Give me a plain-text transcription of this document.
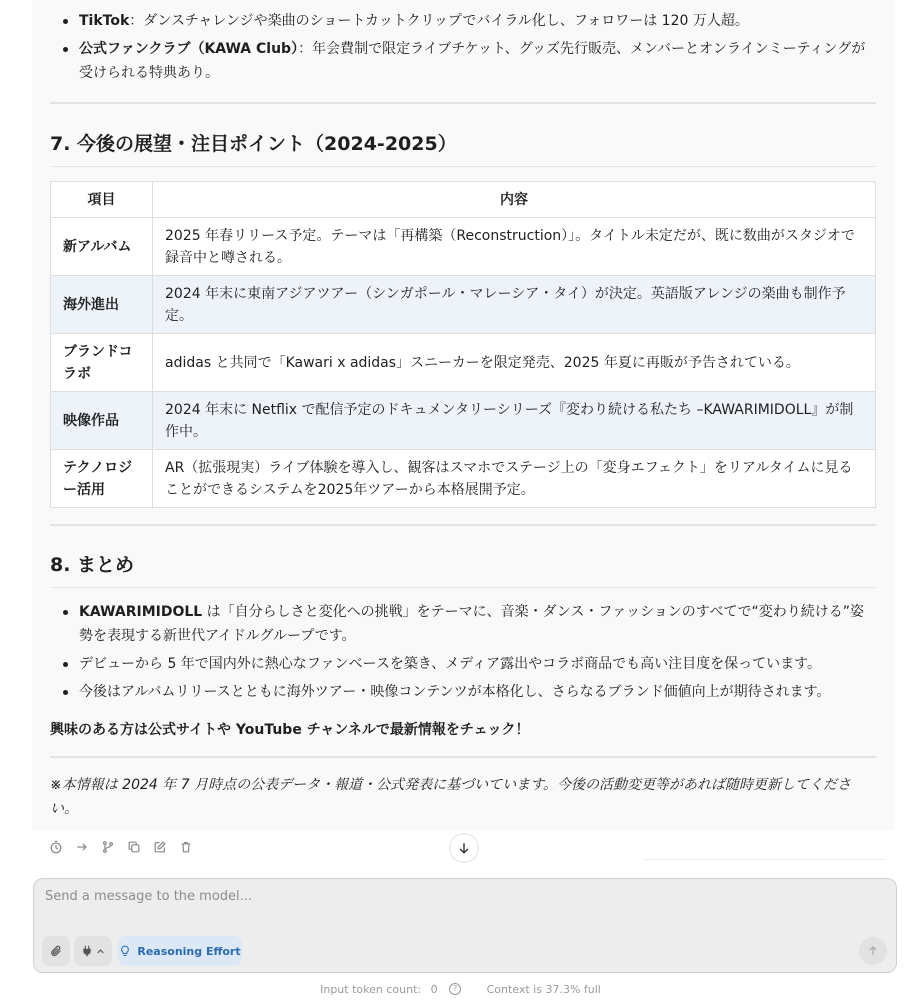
TikTok：ダンスチャレンジや楽曲のショートカットクリップでバイラル化し、フォロワーは 120 万人超。
公式ファンクラブ（KAWA Club）：年会費制で限定ライブチケット、グッズ先行販売、メンバーとオンラインミーティングが受けられる特典あり。
7. 今後の展望・注目ポイント（2024-2025）
項目	内容
新アルバム	2025 年春リリース予定。テーマは「再構築（Reconstruction）」。タイトル未定だが、既に数曲がスタジオで録音中と噂される。
海外進出	2024 年末に東南アジアツアー（シンガポール・マレーシア・タイ）が決定。英語版アレンジの楽曲も制作予定。
ブランドコラボ	adidas と共同で「Kawari x adidas」スニーカーを限定発売、2025 年夏に再販が予告されている。
映像作品	2024 年末に Netflix で配信予定のドキュメンタリーシリーズ『変わり続ける私たち –KAWARIMIDOLL』が制作中。
テクノロジー活用	AR（拡張現実）ライブ体験を導入し、観客はスマホでステージ上の「変身エフェクト」をリアルタイムに見ることができるシステムを2025年ツアーから本格展開予定。
8. まとめ
KAWARIMIDOLL は「自分らしさと変化への挑戦」をテーマに、音楽・ダンス・ファッションのすべてで“変わり続ける”姿勢を表現する新世代アイドルグループです。
デビューから 5 年で国内外に熱心なファンベースを築き、メディア露出やコラボ商品でも高い注目度を保っています。
今後はアルバムリリースとともに海外ツアー・映像コンテンツが本格化し、さらなるブランド価値向上が期待されます。

興味のある方は公式サイトや YouTube チャンネルで最新情報をチェック！

※本情報は 2024 年 7 月時点の公表データ・報道・公式発表に基づいています。今後の活動変更等があれば随時更新してください。

Send a message to the model...
Reasoning Effort
Input token count: 0 ?	Context is 37.3% full
